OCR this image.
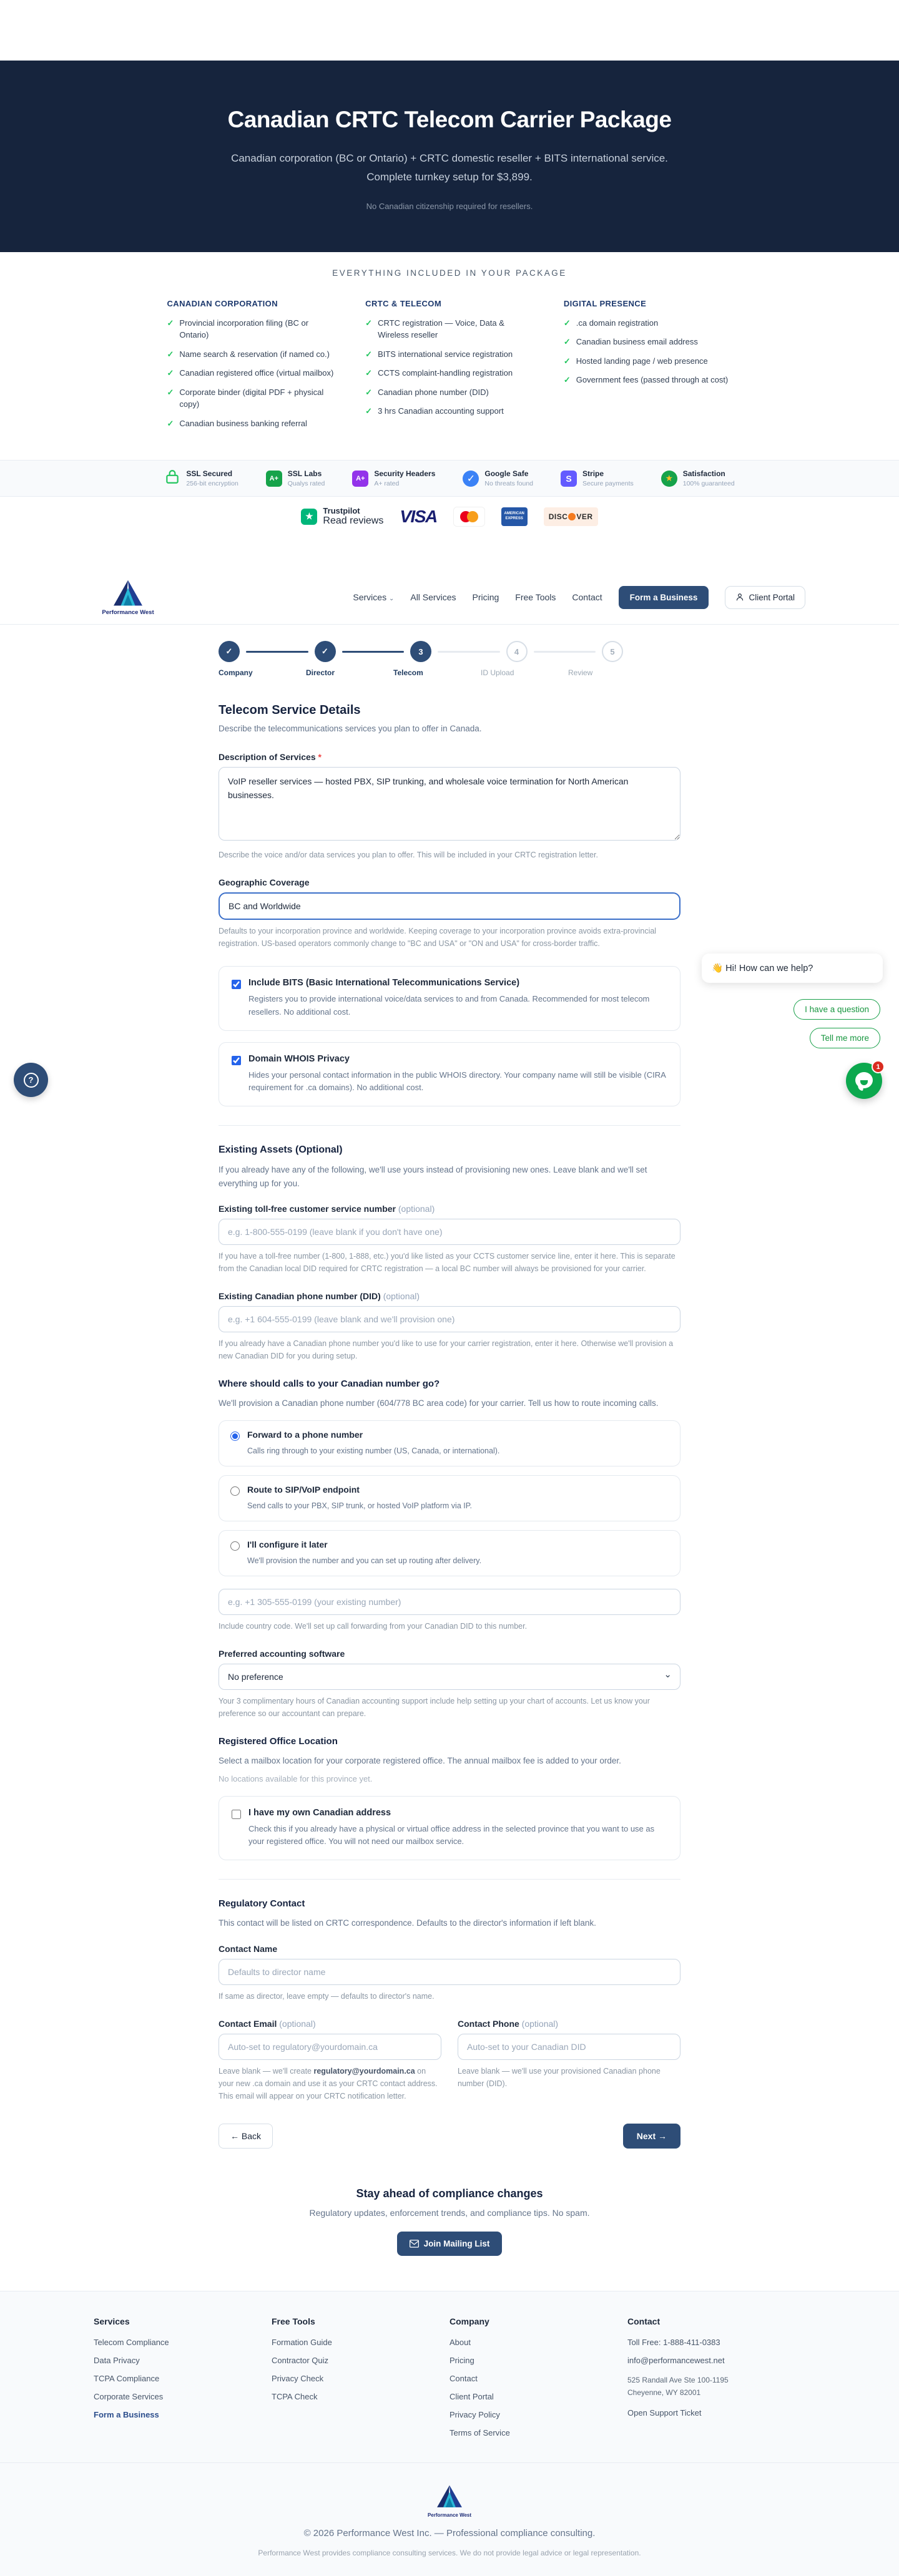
Canadian CRTC Telecom Carrier Package
Canadian corporation (BC or Ontario) + CRTC domestic reseller + BITS international service. Complete turnkey setup for $3,899.
No Canadian citizenship required for resellers.
EVERYTHING INCLUDED IN YOUR PACKAGE
CANADIAN CORPORATION
✓ Provincial incorporation filing (BC or Ontario)
✓ Name search & reservation (if named co.)
✓ Canadian registered office (virtual mailbox)
✓ Corporate binder (digital PDF + physical copy)
✓ Canadian business banking referral
CRTC & TELECOM
✓ CRTC registration — Voice, Data & Wireless reseller
✓ BITS international service registration
✓ CCTS complaint-handling registration
✓ Canadian phone number (DID)
✓ 3 hrs Canadian accounting support
DIGITAL PRESENCE
✓ .ca domain registration
✓ Canadian business email address
✓ Hosted landing page / web presence
✓ Government fees (passed through at cost)
SSL Secured
256-bit encryption
A+
SSL Labs
Qualys rated
A+
Security Headers
A+ rated	✓	Google Safe
No threats found
S	Stripe
Secure payments
★	Satisfaction
100% guaranteed
★
Trustpilot
Read reviews VISA	AMERICAN EXPRESS	DISC VER
Performance West
Services ⌄ All Services Pricing Free Tools Contact	Form a Business	Client Portal
✓	✓	3	4	5
Company	Director	Telecom	ID Upload	Review
Telecom Service Details
Describe the telecommunications services you plan to offer in Canada.
Description of Services *
VoIP reseller services — hosted PBX, SIP trunking, and wholesale voice termination for North American businesses.
Describe the voice and/or data services you plan to offer. This will be included in your CRTC registration letter.
Geographic Coverage
BC and Worldwide
Defaults to your incorporation province and worldwide. Keeping coverage to your incorporation province avoids extra-provincial registration. US-based operators commonly change to "BC and USA" or "ON and USA" for cross-border traffic.
Include BITS (Basic International Telecommunications Service)
Registers you to provide international voice/data services to and from Canada. Recommended for most telecom resellers. No additional cost.
Domain WHOIS Privacy
Hides your personal contact information in the public WHOIS directory. Your company name will still be visible (CIRA requirement for .ca domains). No additional cost.
Existing Assets (Optional)
If you already have any of the following, we'll use yours instead of provisioning new ones. Leave blank and we'll set everything up for you.
Existing toll-free customer service number (optional)
e.g. 1-800-555-0199 (leave blank if you don't have one)
If you have a toll-free number (1-800, 1-888, etc.) you'd like listed as your CCTS customer service line, enter it here. This is separate from the Canadian local DID required for CRTC registration — a local BC number will always be provisioned for your carrier.
Existing Canadian phone number (DID) (optional)
e.g. +1 604-555-0199 (leave blank and we'll provision one)
If you already have a Canadian phone number you'd like to use for your carrier registration, enter it here. Otherwise we'll provision a new Canadian DID for you during setup.
Where should calls to your Canadian number go?
We'll provision a Canadian phone number (604/778 BC area code) for your carrier. Tell us how to route incoming calls.
Forward to a phone number
Calls ring through to your existing number (US, Canada, or international).
Route to SIP/VoIP endpoint
Send calls to your PBX, SIP trunk, or hosted VoIP platform via IP.
I'll configure it later
We'll provision the number and you can set up routing after delivery.
e.g. +1 305-555-0199 (your existing number)
Include country code. We'll set up call forwarding from your Canadian DID to this number.
Preferred accounting software
No preference ⌄
Your 3 complimentary hours of Canadian accounting support include help setting up your chart of accounts. Let us know your preference so our accountant can prepare.
Registered Office Location
Select a mailbox location for your corporate registered office. The annual mailbox fee is added to your order.
No locations available for this province yet.
I have my own Canadian address
Check this if you already have a physical or virtual office address in the selected province that you want to use as your registered office. You will not need our mailbox service.
Regulatory Contact
This contact will be listed on CRTC correspondence. Defaults to the director's information if left blank.
Contact Name
Defaults to director name
If same as director, leave empty — defaults to director's name.
Contact Email (optional)
Auto-set to regulatory@yourdomain.ca
Leave blank — we'll create regulatory@yourdomain.ca on your new .ca domain and use it as your CRTC contact address. This email will appear on your CRTC notification letter.
Contact Phone (optional)
Auto-set to your Canadian DID
Leave blank — we'll use your provisioned Canadian phone number (DID).
← Back	Next →
Stay ahead of compliance changes

Regulatory updates, enforcement trends, and compliance tips. No spam.

Join Mailing List
Services
Telecom Compliance
Data Privacy
TCPA Compliance
Corporate Services
Form a Business
Free Tools
Formation Guide
Contractor Quiz
Privacy Check
TCPA Check
Company
About
Pricing
Contact
Client Portal
Privacy Policy
Terms of Service
Contact
Toll Free: 1-888-411-0383
info@performancewest.net
525 Randall Ave Ste 100-1195
Cheyenne, WY 82001
Open Support Ticket
Performance West
© 2026 Performance West Inc. — Professional compliance consulting.
Performance West provides compliance consulting services. We do not provide legal advice or legal representation.
?
👋 Hi! How can we help?
I have a question
Tell me more
1
